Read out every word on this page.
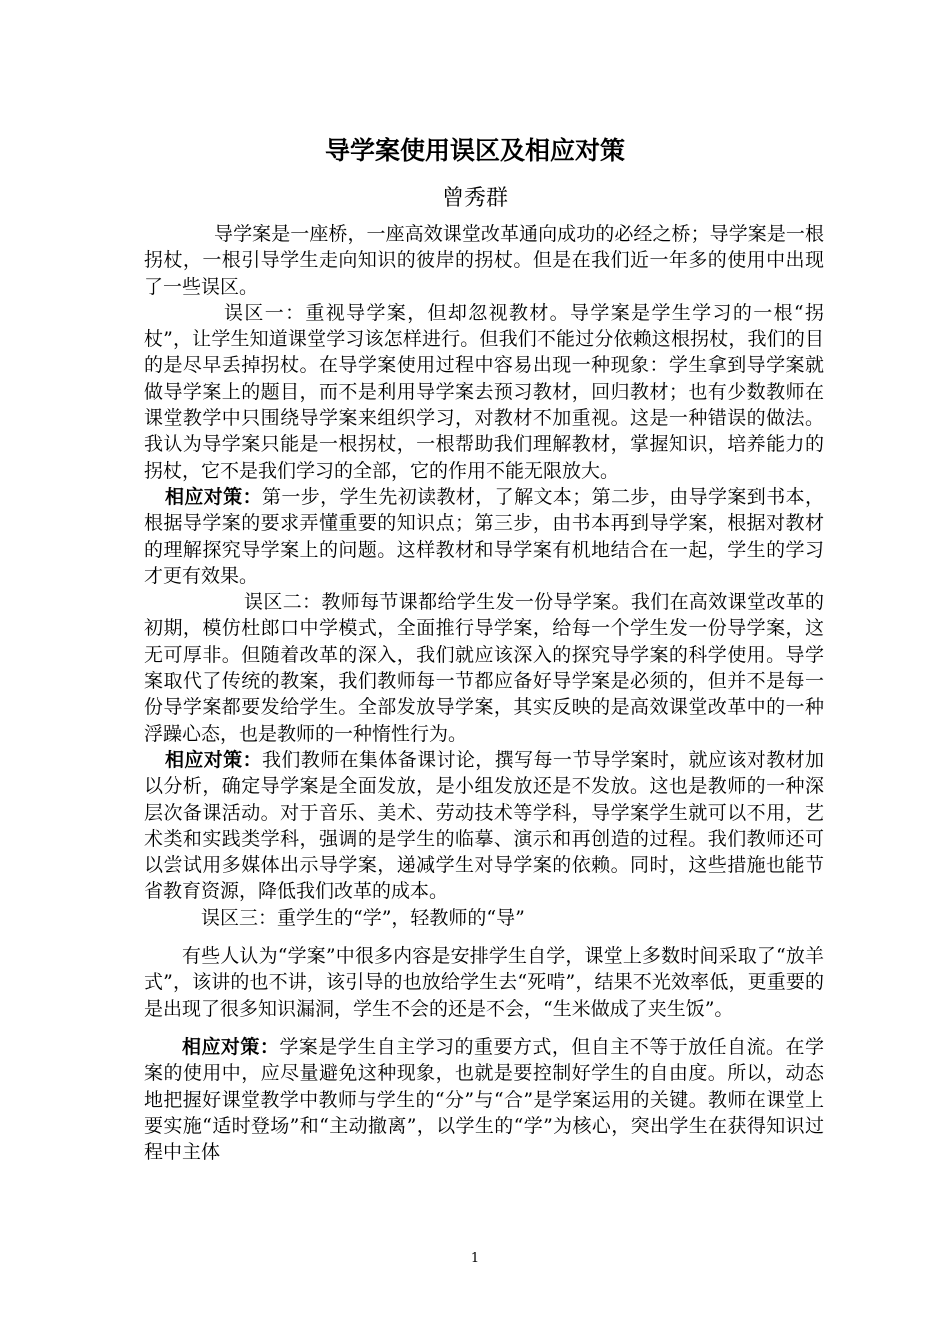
导学案使用误区及相应对策
曾秀群

导学案是一座桥，一座高效课堂改革通向成功的必经之桥；导学案是一根拐杖，一根引导学生走向知识的彼岸的拐杖。但是在我们近一年多的使用中出现了一些误区。

误区一：重视导学案，但却忽视教材。导学案是学生学习的一根“拐杖”，让学生知道课堂学习该怎样进行。但我们不能过分依赖这根拐杖，我们的目的是尽早丢掉拐杖。在导学案使用过程中容易出现一种现象：学生拿到导学案就做导学案上的题目，而不是利用导学案去预习教材，回归教材；也有少数教师在课堂教学中只围绕导学案来组织学习，对教材不加重视。这是一种错误的做法。我认为导学案只能是一根拐杖，一根帮助我们理解教材，掌握知识，培养能力的拐杖，它不是我们学习的全部，它的作用不能无限放大。

相应对策：第一步，学生先初读教材，了解文本；第二步，由导学案到书本，根据导学案的要求弄懂重要的知识点；第三步，由书本再到导学案，根据对教材的理解探究导学案上的问题。这样教材和导学案有机地结合在一起，学生的学习才更有效果。

误区二：教师每节课都给学生发一份导学案。我们在高效课堂改革的初期，模仿杜郎口中学模式，全面推行导学案，给每一个学生发一份导学案，这无可厚非。但随着改革的深入，我们就应该深入的探究导学案的科学使用。导学案取代了传统的教案，我们教师每一节都应备好导学案是必须的，但并不是每一份导学案都要发给学生。全部发放导学案，其实反映的是高效课堂改革中的一种浮躁心态，也是教师的一种惰性行为。

相应对策：我们教师在集体备课讨论，撰写每一节导学案时，就应该对教材加以分析，确定导学案是全面发放，是小组发放还是不发放。这也是教师的一种深层次备课活动。对于音乐、美术、劳动技术等学科，导学案学生就可以不用，艺术类和实践类学科，强调的是学生的临摹、演示和再创造的过程。我们教师还可以尝试用多媒体出示导学案，递减学生对导学案的依赖。同时，这些措施也能节省教育资源，降低我们改革的成本。

误区三：重学生的“学”，轻教师的“导”

有些人认为“学案”中很多内容是安排学生自学，课堂上多数时间采取了“放羊式”，该讲的也不讲，该引导的也放给学生去“死啃”，结果不光效率低，更重要的是出现了很多知识漏洞，学生不会的还是不会，“生米做成了夹生饭”。

相应对策：学案是学生自主学习的重要方式，但自主不等于放任自流。在学案的使用中，应尽量避免这种现象，也就是要控制好学生的自由度。所以，动态地把握好课堂教学中教师与学生的“分”与“合”是学案运用的关键。教师在课堂上要实施“适时登场”和“主动撤离”，以学生的“学”为核心，突出学生在获得知识过程中主体

1
